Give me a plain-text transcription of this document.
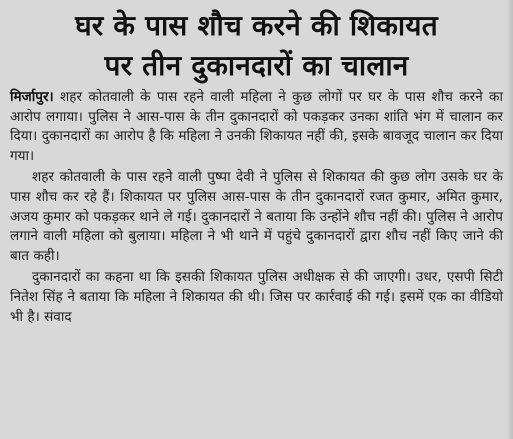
घर के पास शौच करने की शिकायत
पर तीन दुकानदारों का चालान

मिर्जापुर। शहर कोतवाली के पास रहने वाली महिला ने कुछ लोगों पर घर के पास शौच करने का आरोप लगाया। पुलिस ने आस-पास के तीन दुकानदारों को पकड़कर उनका शांति भंग में चालान कर दिया। दुकानदारों का आरोप है कि महिला ने उनकी शिकायत नहीं की, इसके बावजूद चालान कर दिया गया।

शहर कोतवाली के पास रहने वाली पुष्पा देवी ने पुलिस से शिकायत की कुछ लोग उसके घर के पास शौच कर रहे हैं। शिकायत पर पुलिस आस-पास के तीन दुकानदारों रजत कुमार, अमित कुमार, अजय कुमार को पकड़कर थाने ले गई। दुकानदारों ने बताया कि उन्होंने शौच नहीं की। पुलिस ने आरोप लगाने वाली महिला को बुलाया। महिला ने भी थाने में पहुंचे दुकानदारों द्वारा शौच नहीं किए जाने की बात कही।

दुकानदारों का कहना था कि इसकी शिकायत पुलिस अधीक्षक से की जाएगी। उधर, एसपी सिटी नितेश सिंह ने बताया कि महिला ने शिकायत की थी। जिस पर कार्रवाई की गई। इसमें एक का वीडियो भी है। संवाद
